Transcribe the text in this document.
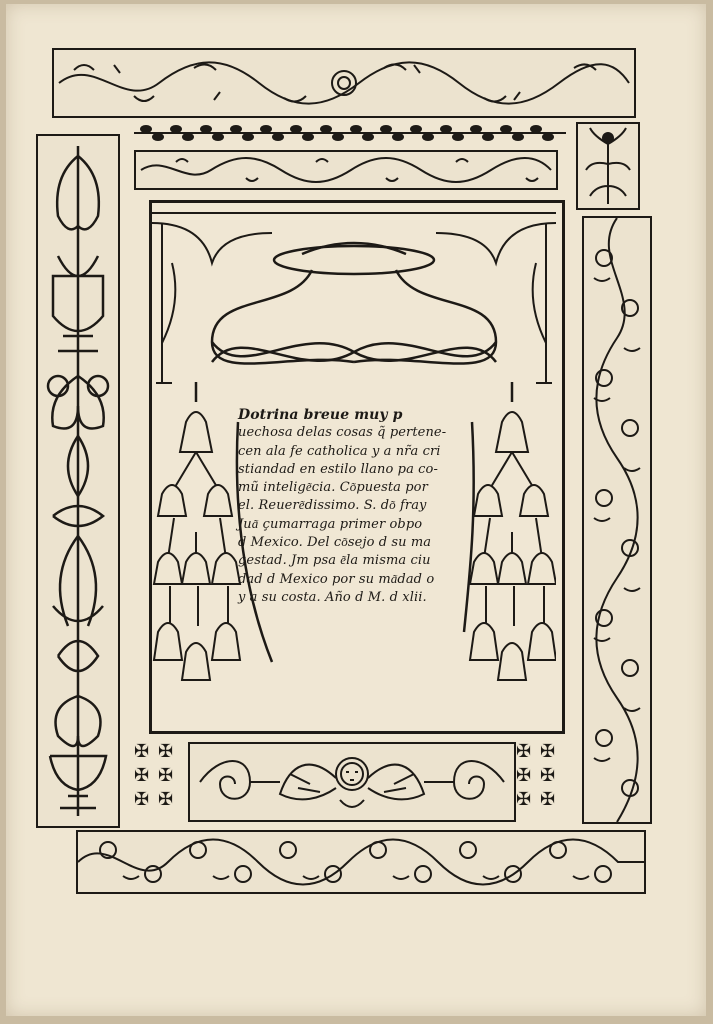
Dotrina breue muy p
uechosa delas cosas q̃ pertene-
cen ala fe catholica y a nr̃a cri
stiandad en estilo llano pa co-
mũ intelige͂cia. Co͂puesta por
el. Reuere͂dissimo. S. do͂ fray
Jua͂ çumarraga primer obpo
d Mexico. Del co͂sejo d su ma
gestad. Jm psa e͂la misma ciu
dad d Mexico por su ma͂dad o
y a su costa. Año d M. d xlii.
✠
✠
✠
✠
✠
✠
✠
✠
✠
✠
✠
✠
